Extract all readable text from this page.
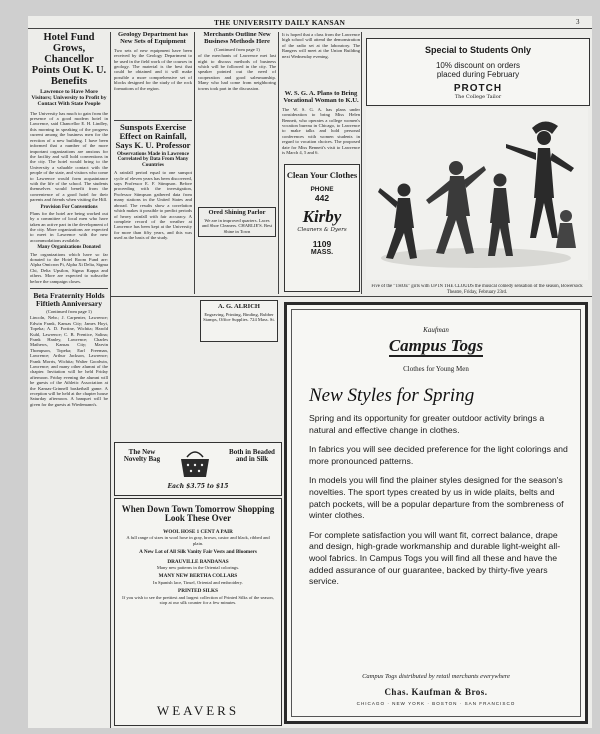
THE UNIVERSITY DAILY KANSAN	3
Hotel Fund Grows, Chancellor Points Out K. U. Benefits
Lawrence to Have More Visitors; University to Profit by Contact With State People
The University has much to gain from the presence of a good modern hotel in Lawrence, said Chancellor E. H. Lindley, this morning in speaking of the progress current among the business men for the erection of a new building. I have been informed that a number of the more important organizations are anxious for the facility and will hold conventions in the city. The hotel would bring to the University a valuable contact with the people of the state, and visitors who come to Lawrence would form acquaintance with the life of the school. The students themselves would benefit from the convenience of a good hotel for their parents and friends when visiting the Hill.
Provision For Conventions
Plans for the hotel are being worked out by a committee of local men who have taken an active part in the development of the city. More organizations are expected to meet in Lawrence with the new accommodations available.
Many Organizations Donated
The organizations which have so far donated to the Hotel Room Fund are: Alpha Omicron Pi, Alpha Xi Delta, Sigma Chi, Delta Upsilon, Sigma Kappa and others. More are expected to subscribe before the campaign closes.
Beta Fraternity Holds Fiftieth Anniversary
(Continued from page 1)
Lincoln, Nebr.; J. Carpenter, Lawrence; Edwin Frank, Kansas City; James Hoyt, Topeka; A. D. Fortine, Wichita; Harold Kuhl, Lawrence; C. B. Prentice, Salina; Frank Hanley, Lawrence; Charles Mathews, Kansas City; Marvin Thompson, Topeka; Earl Freeman, Lawrence; Arthur Jackson, Lawrence; Frank Morris, Wichita; Walter Goodwin, Lawrence; and many other alumni of the chapter. Invitation will be held Friday afternoon. Friday evening the alumni will be guests of the Athletic Association at the Kansas-Grinnell basketball game. A reception will be held at the chapter house Saturday afternoon. A banquet will be given for the guests at Wiedemann's.
Geology Department has New Sets of Equipment
Two sets of new equipment have been received by the Geology Department to be used in the field work of the courses in geology. The material is the best that could be obtained and it will make possible a more comprehensive set of blocks designed for the study of the rock formations of the region.
Sunspots Exercise Effect on Rainfall, Says K. U. Professor
Observations Made in Lawrence Correlated by Data From Many Countries
A rainfall period equal to one sunspot cycle of eleven years has been discovered, says Professor E. F. Stimpson. Before proceeding with the investigation, Professor Stimpson gathered data from many stations in the United States and abroad. The results show a correlation which makes it possible to predict periods of heavy rainfall with fair accuracy. A complete record of the weather at Lawrence has been kept at the University for more than fifty years, and this was used as the basis of the study.
Merchants Outline New Business Methods Here
(Continued from page 1)
of the merchants of Lawrence met last night to discuss methods of business which will be followed in the city. The speaker pointed out the need of cooperation and good salesmanship. Many who had come from neighboring towns took part in the discussion.
Ored Shining Parlor
We are in improved quarters. Laces and Shoe Cleaners. CHARLIE'S. Best Shine in Town
It is hoped that a class from the Lawrence high school will attend the demonstration of the radio set at the laboratory. The Rangers will meet at the Union Building next Wednesday evening.
W. S. G. A. Plans to Bring Vocational Woman to K.U.
The W. S. G. A. has plans under consideration to bring Miss Helen Bennett, who operates a college women's vocation bureau in Chicago, to Lawrence to make talks and hold personal conferences with women students in regard to vocation choices. The proposed date for Miss Bennett's visit to Lawrence is March 4, 5 and 6.
Clean Your Clothes
PHONE
442
Kirby
Cleaners & Dyers
1109
MASS.
Special to Students Only
10% discount on orders
placed during February
PROTCH
The College Tailor
Five of the "THOE" girls with UP IN THE CLOUDS the musical comedy sensation of the season, Bowersock Theatre, Friday, February 23rd.
A. G. ALRICH
Engraving, Printing, Binding, Rubber Stamps, Office Supplies. 724 Mass. St.
The New Novelty Bag
Both in Beaded and in Silk
Each $3.75 to $15
When Down Town Tomorrow Shopping Look These Over
WOOL HOSE 1 CENT A PAIR
A full range of sizes in wool hose in gray, brown, castor and black, ribbed and plain.
A New Lot of All Silk Vanity Fair Vests and Bloomers
DRAUVILLE BANDANAS
Many new patterns in the Oriental colorings.
MANY NEW BERTHA COLLARS
In Spanish lace, Tinsel, Oriental and embroidery.
PRINTED SILKS
If you wish to see the prettiest and largest collection of Printed Silks of the season, stop at our silk counter for a few minutes.
WEAVERS
Kaufman
Campus Togs
Clothes for Young Men
New Styles for Spring

Spring and its opportunity for greater outdoor activity brings a natural and effective change in clothes.

In fabrics you will see decided preference for the light colorings and more pronounced patterns.

In models you will find the plainer styles designed for the season's novelties. The sport types created by us in wide plaits, belts and patch pockets, will be a popular departure from the sombreness of winter clothes.

For complete satisfaction you will want fit, correct balance, drape and design, high-grade workmanship and durable light-weight all-wool fabrics. In Campus Togs you will find all these and have the added assurance of our guarantee, backed by thirty-five years service.

Campus Togs distributed by retail merchants everywhere
Chas. Kaufman & Bros.
CHICAGO · NEW YORK · BOSTON · SAN FRANCISCO
